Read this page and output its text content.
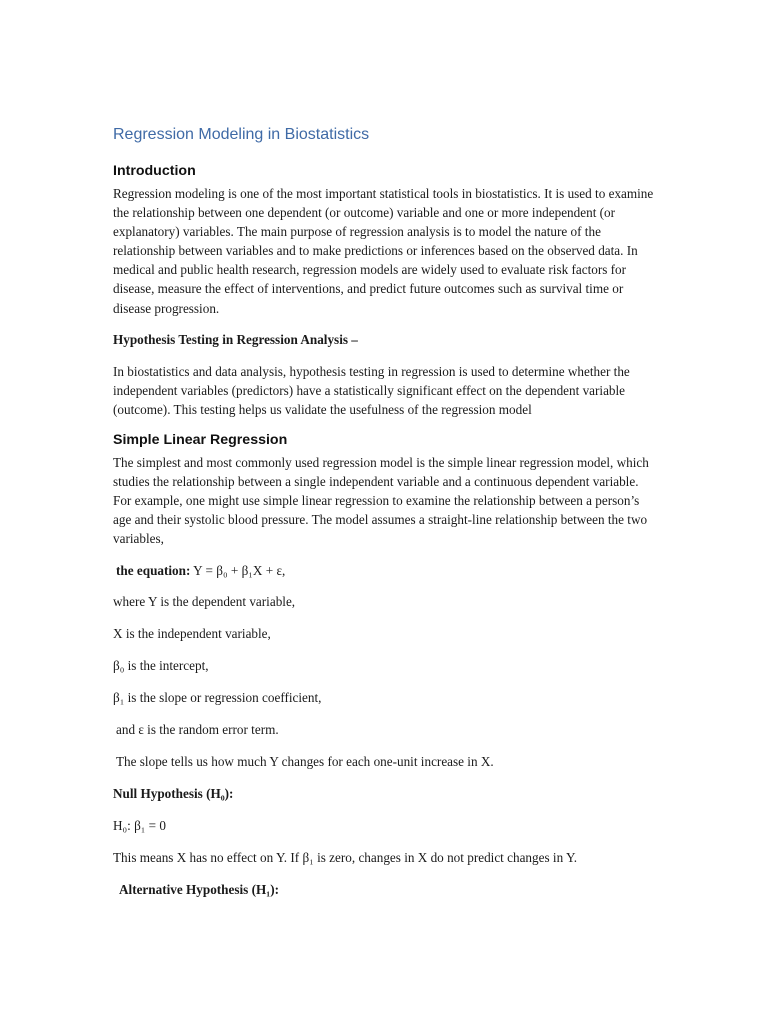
Regression Modeling in Biostatistics
Introduction

Regression modeling is one of the most important statistical tools in biostatistics. It is used to examine the relationship between one dependent (or outcome) variable and one or more independent (or explanatory) variables. The main purpose of regression analysis is to model the nature of the relationship between variables and to make predictions or inferences based on the observed data. In medical and public health research, regression models are widely used to evaluate risk factors for disease, measure the effect of interventions, and predict future outcomes such as survival time or disease progression.

Hypothesis Testing in Regression Analysis –

In biostatistics and data analysis, hypothesis testing in regression is used to determine whether the independent variables (predictors) have a statistically significant effect on the dependent variable (outcome). This testing helps us validate the usefulness of the regression model

Simple Linear Regression

The simplest and most commonly used regression model is the simple linear regression model, which studies the relationship between a single independent variable and a continuous dependent variable. For example, one might use simple linear regression to examine the relationship between a person’s age and their systolic blood pressure. The model assumes a straight-line relationship between the two variables,

the equation: Y = β₀ + β₁X + ε,

where Y is the dependent variable,

X is the independent variable,

β₀ is the intercept,

β₁ is the slope or regression coefficient,

and ε is the random error term.

The slope tells us how much Y changes for each one-unit increase in X.

Null Hypothesis (H₀):

H₀: β₁ = 0

This means X has no effect on Y. If β₁ is zero, changes in X do not predict changes in Y.

Alternative Hypothesis (H₁):
